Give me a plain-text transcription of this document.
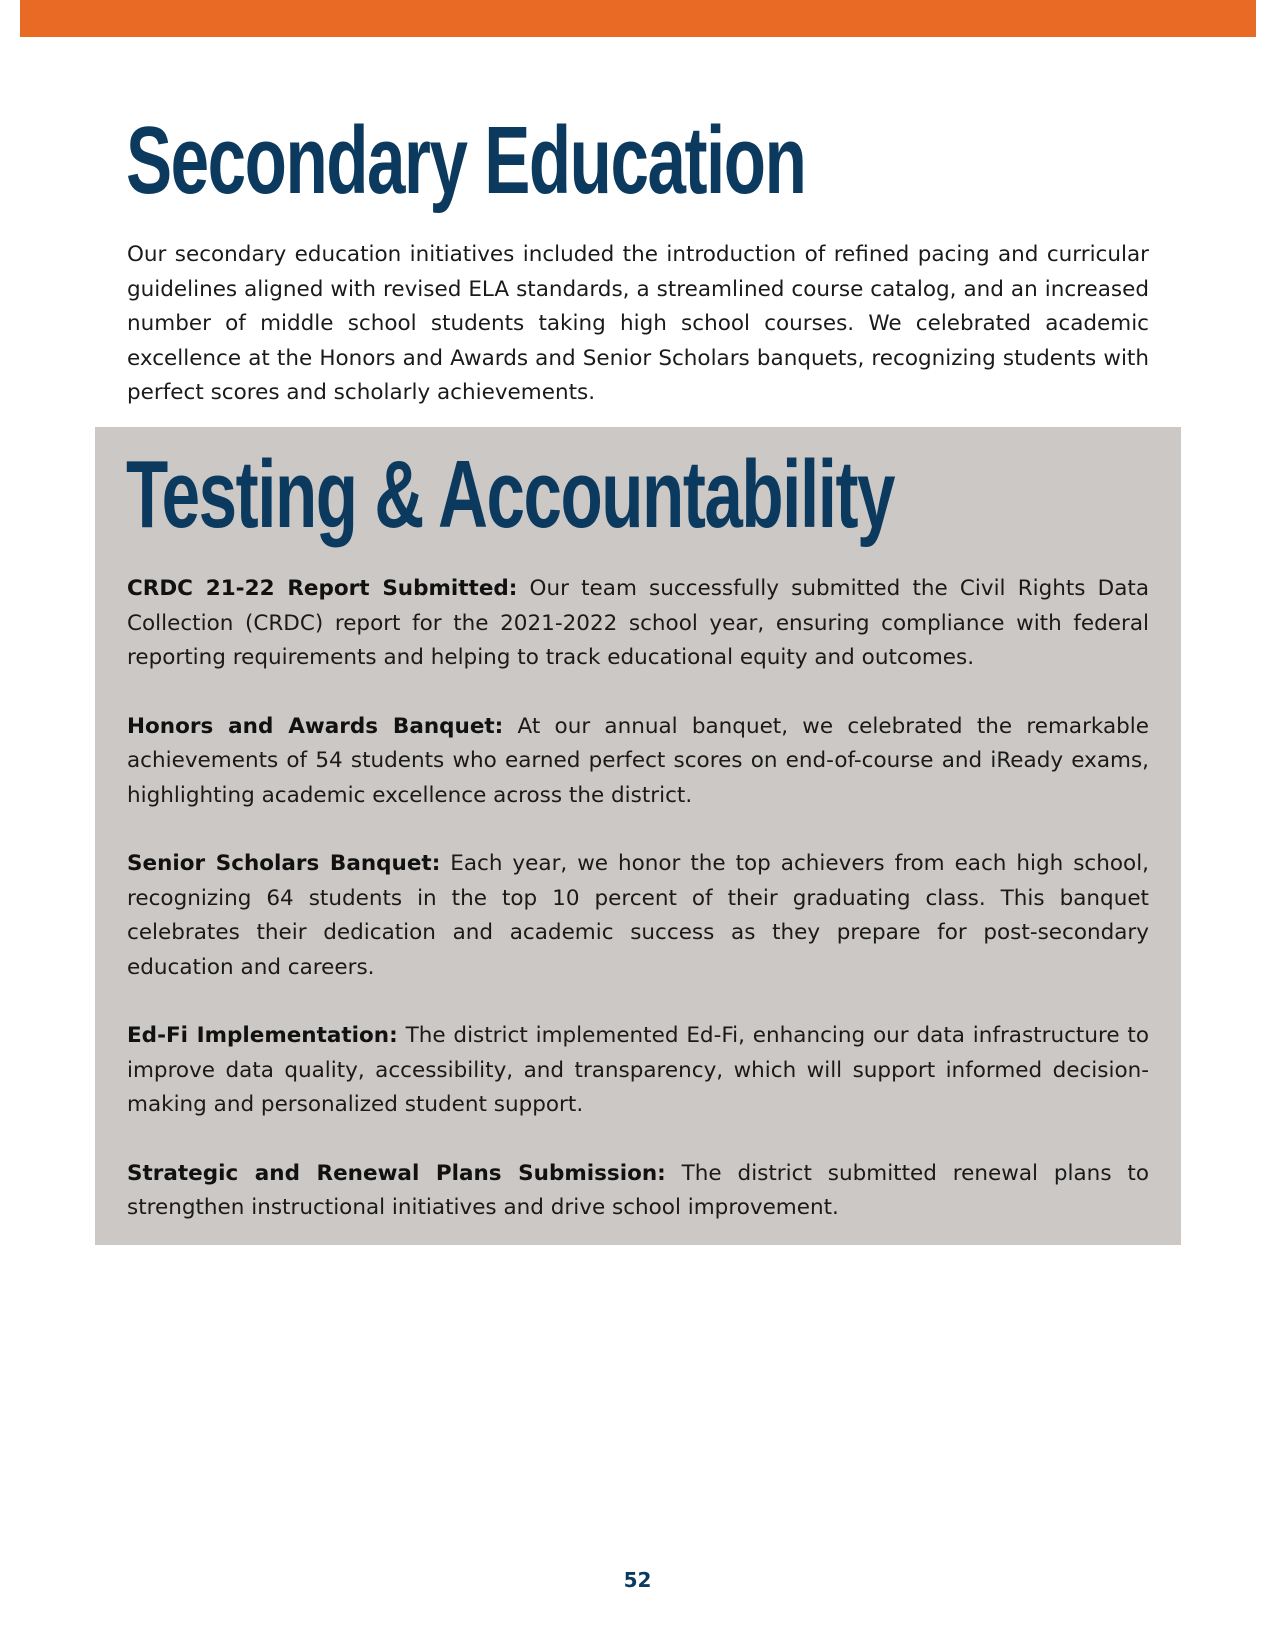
Secondary Education

Our secondary education initiatives included the introduction of refined pacing and curricular guidelines aligned with revised ELA standards, a streamlined course catalog, and an increased number of middle school students taking high school courses. We celebrated academic excellence at the Honors and Awards and Senior Scholars banquets, recognizing students with perfect scores and scholarly achievements.

Testing & Accountability

CRDC 21-22 Report Submitted: Our team successfully submitted the Civil Rights Data Collection (CRDC) report for the 2021-2022 school year, ensuring compliance with federal reporting requirements and helping to track educational equity and outcomes.

Honors and Awards Banquet: At our annual banquet, we celebrated the remarkable achievements of 54 students who earned perfect scores on end-of-course and iReady exams, highlighting academic excellence across the district.

Senior Scholars Banquet: Each year, we honor the top achievers from each high school, recognizing 64 students in the top 10 percent of their graduating class. This banquet celebrates their dedication and academic success as they prepare for post-secondary education and careers.

Ed-Fi Implementation: The district implemented Ed-Fi, enhancing our data infrastructure to improve data quality, accessibility, and transparency, which will support informed decision-making and personalized student support.

Strategic and Renewal Plans Submission: The district submitted renewal plans to strengthen instructional initiatives and drive school improvement.

52
